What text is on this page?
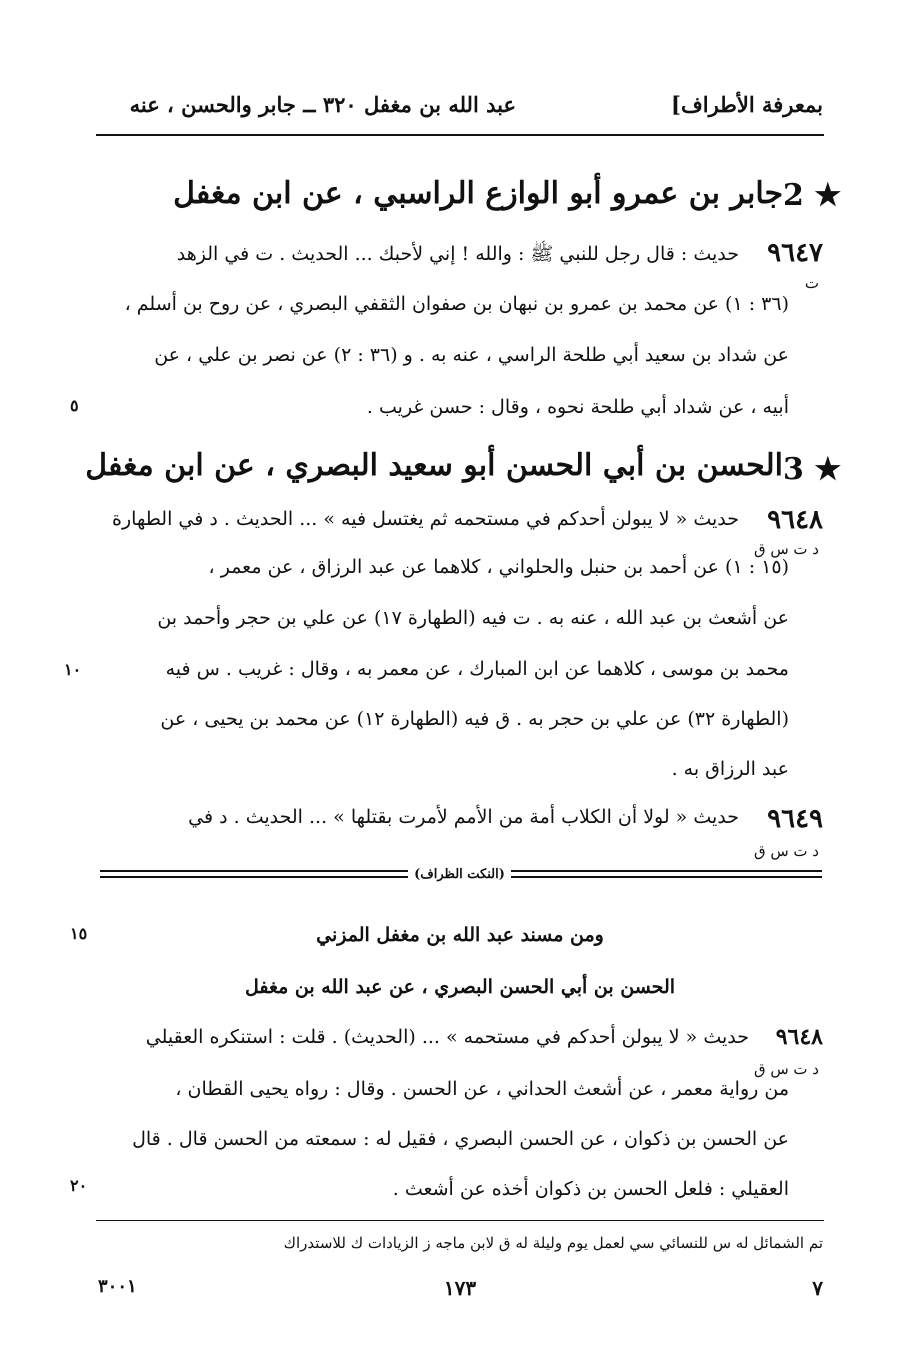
بمعرفة الأطراف]
عبد الله بن مغفل ٣٢٠ ــ جابر والحسن ، عنه
2 ★
جابر بن عمرو أبو الوازع الراسبي ، عن ابن مغفل
٩٦٤٧
حديث : قال رجل للنبي ﷺ : والله ! إني لأحبك ... الحديث . ت في الزهد
ت
(٣٦ : ١) عن محمد بن عمرو بن نبهان بن صفوان الثقفي البصري ، عن روح بن أسلم ،
عن شداد بن سعيد أبي طلحة الراسي ، عنه به . و (٣٦ : ٢) عن نصر بن علي ، عن
أبيه ، عن شداد أبي طلحة نحوه ، وقال : حسن غريب .
٥
3 ★
الحسن بن أبي الحسن أبو سعيد البصري ، عن ابن مغفل
٩٦٤٨
حديث « لا يبولن أحدكم في مستحمه ثم يغتسل فيه » ... الحديث . د في الطهارة
د ت س ق
(١٥ : ١) عن أحمد بن حنبل والحلواني ، كلاهما عن عبد الرزاق ، عن معمر ،
عن أشعث بن عبد الله ، عنه به . ت فيه (الطهارة ١٧) عن علي بن حجر وأحمد بن
محمد بن موسى ، كلاهما عن ابن المبارك ، عن معمر به ، وقال : غريب . س فيه
١٠
(الطهارة ٣٢) عن علي بن حجر به . ق فيه (الطهارة ١٢) عن محمد بن يحيى ، عن
عبد الرزاق به .
٩٦٤٩
حديث « لولا أن الكلاب أمة من الأمم لأمرت بقتلها » ... الحديث . د في
د ت س ق
(النكت الظراف)
ومن مسند عبد الله بن مغفل المزني
١٥
الحسن بن أبي الحسن البصري ، عن عبد الله بن مغفل
٩٦٤٨
حديث « لا يبولن أحدكم في مستحمه » ... (الحديث) . قلت : استنكره العقيلي
د ت س ق
من رواية معمر ، عن أشعث الحداني ، عن الحسن . وقال : رواه يحيى القطان ،
عن الحسن بن ذكوان ، عن الحسن البصري ، فقيل له : سمعته من الحسن قال . قال
العقيلي : فلعل الحسن بن ذكوان أخذه عن أشعث .
٢٠
تم الشمائل له س للنسائي سي لعمل يوم وليلة له ق لابن ماجه ز الزيادات ك للاستدراك
٧
١٧٣
٣٠٠١
